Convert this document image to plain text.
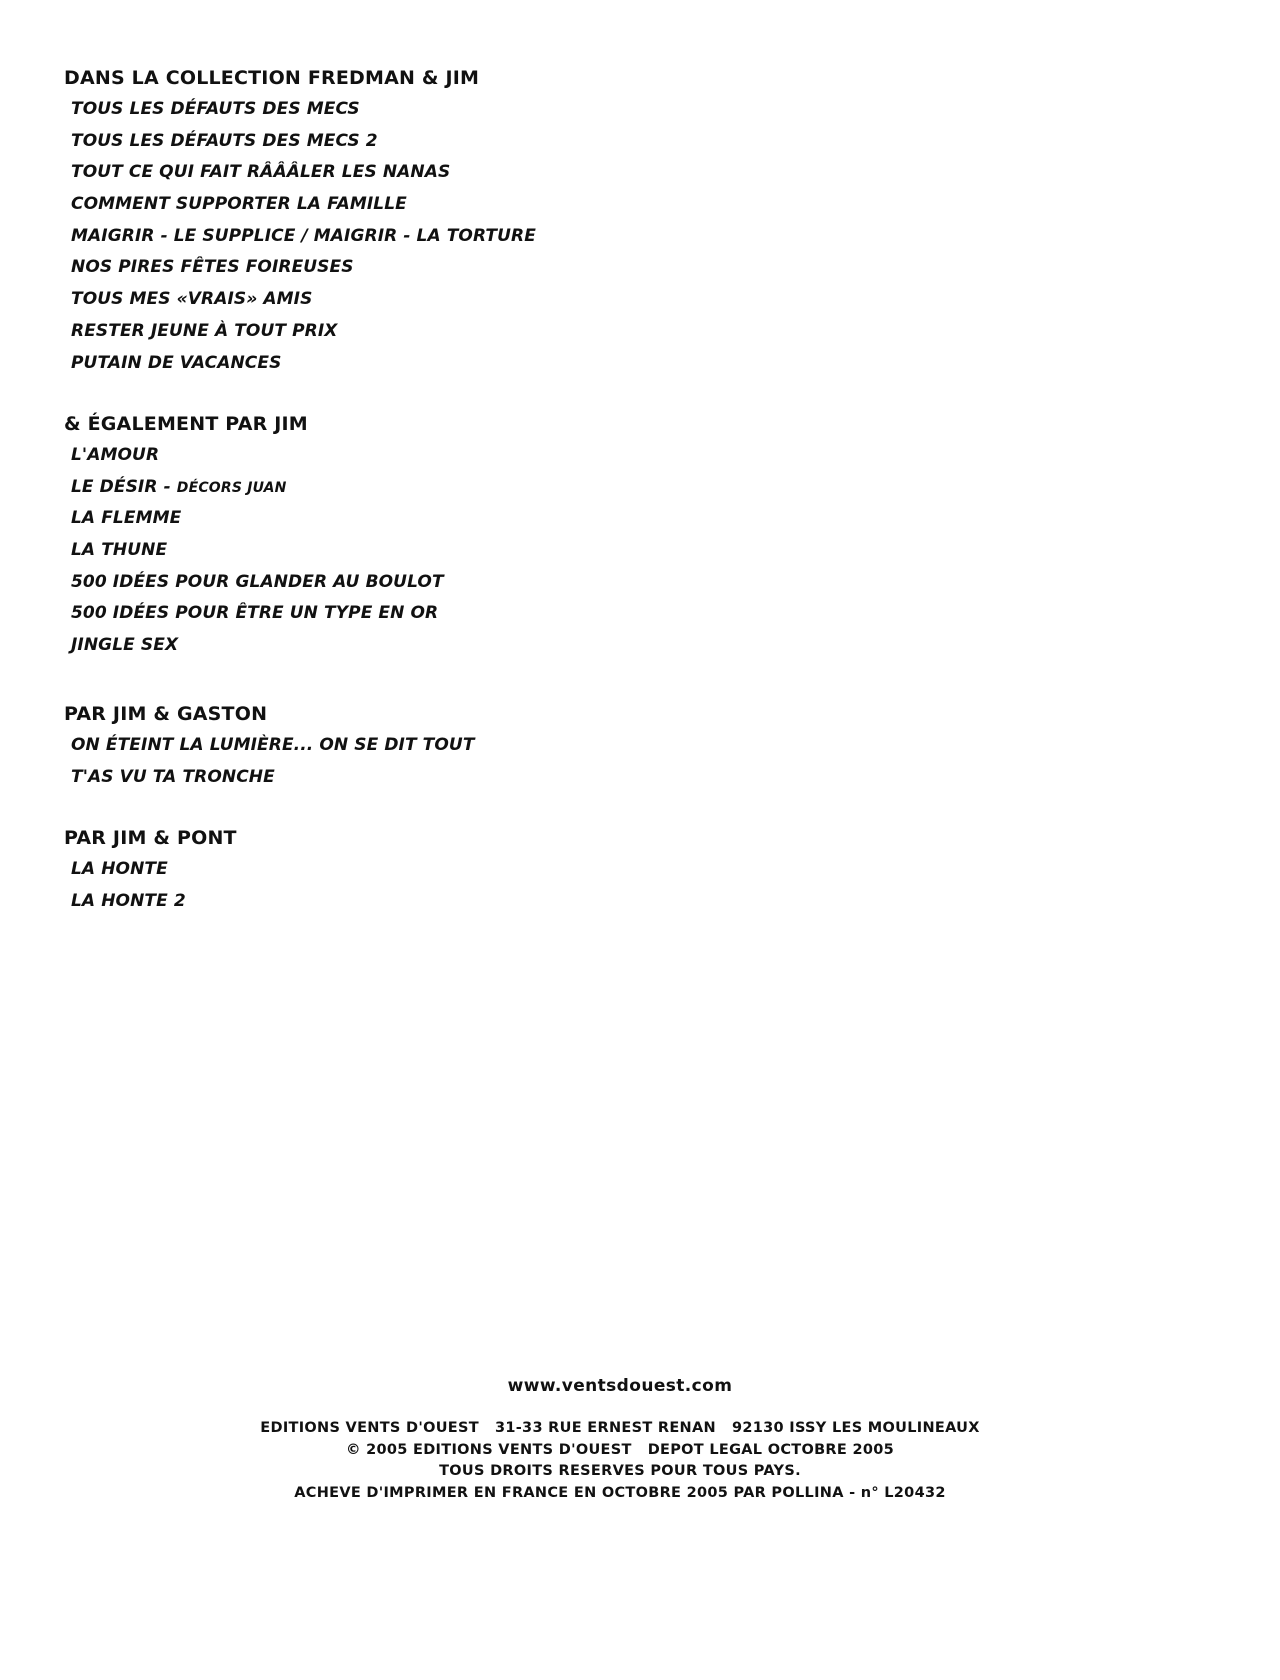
DANS LA COLLECTION FREDMAN & JIM
TOUS LES DÉFAUTS DES MECS
TOUS LES DÉFAUTS DES MECS 2
TOUT CE QUI FAIT RÂÂÂLER LES NANAS
COMMENT SUPPORTER LA FAMILLE
MAIGRIR - LE SUPPLICE / MAIGRIR - LA TORTURE
NOS PIRES FÊTES FOIREUSES
TOUS MES «VRAIS» AMIS
RESTER JEUNE À TOUT PRIX
PUTAIN DE VACANCES
& ÉGALEMENT PAR JIM
L'AMOUR
LE DÉSIR - DÉCORS JUAN
LA FLEMME
LA THUNE
500 IDÉES POUR GLANDER AU BOULOT
500 IDÉES POUR ÊTRE UN TYPE EN OR
JINGLE SEX
PAR JIM & GASTON
ON ÉTEINT LA LUMIÈRE... ON SE DIT TOUT
T'AS VU TA TRONCHE
PAR JIM & PONT
LA HONTE
LA HONTE 2
www.ventsdouest.com
EDITIONS VENTS D'OUEST   31-33 RUE ERNEST RENAN   92130 ISSY LES MOULINEAUX
© 2005 EDITIONS VENTS D'OUEST   DEPOT LEGAL OCTOBRE 2005
TOUS DROITS RESERVES POUR TOUS PAYS.
ACHEVE D'IMPRIMER EN FRANCE EN OCTOBRE 2005 PAR POLLINA - n° L20432
